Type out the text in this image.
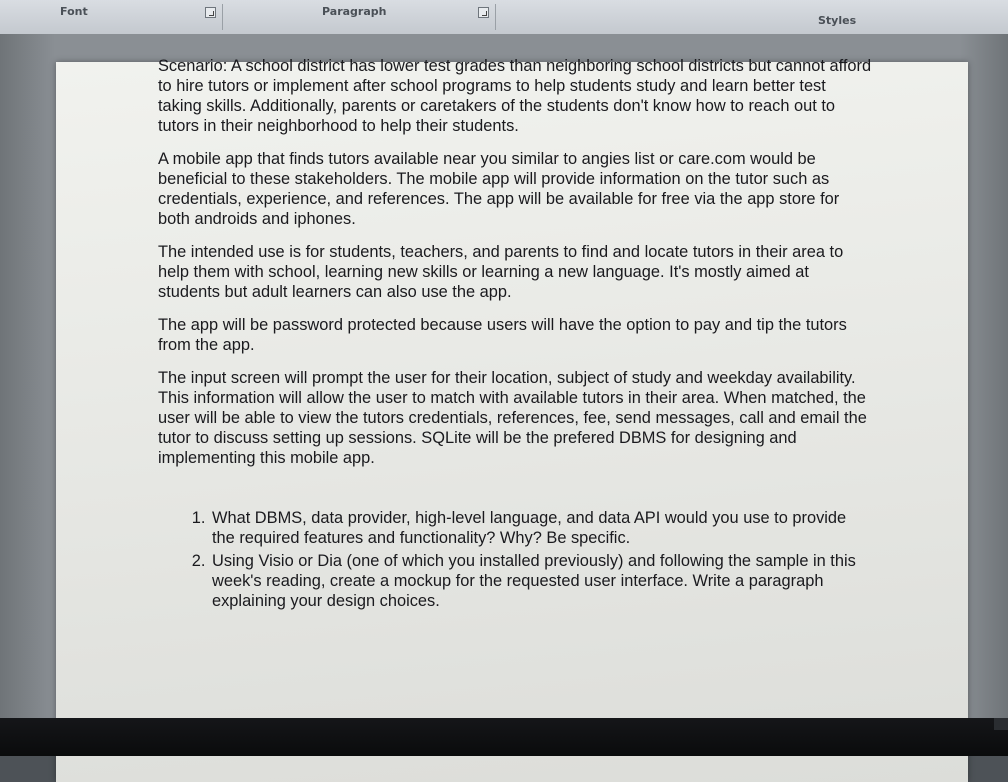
Font	Paragraph
Styles

Scenario: A school district has lower test grades than neighboring school districts but cannot afford to hire tutors or implement after school programs to help students study and learn better test taking skills. Additionally, parents or caretakers of the students don't know how to reach out to tutors in their neighborhood to help their students.

A mobile app that finds tutors available near you similar to angies list or care.com would be beneficial to these stakeholders. The mobile app will provide information on the tutor such as credentials, experience, and references. The app will be available for free via the app store for both androids and iphones.

The intended use is for students, teachers, and parents to find and locate tutors in their area to help them with school, learning new skills or learning a new language. It's mostly aimed at students but adult learners can also use the app.

The app will be password protected because users will have the option to pay and tip the tutors from the app.

The input screen will prompt the user for their location, subject of study and weekday availability. This information will allow the user to match with available tutors in their area. When matched, the user will be able to view the tutors credentials, references, fee, send messages, call and email the tutor to discuss setting up sessions. SQLite will be the prefered DBMS for designing and implementing this mobile app.

1. What DBMS, data provider, high-level language, and data API would you use to provide the required features and functionality? Why? Be specific.
2. Using Visio or Dia (one of which you installed previously) and following the sample in this week's reading, create a mockup for the requested user interface. Write a paragraph explaining your design choices.
